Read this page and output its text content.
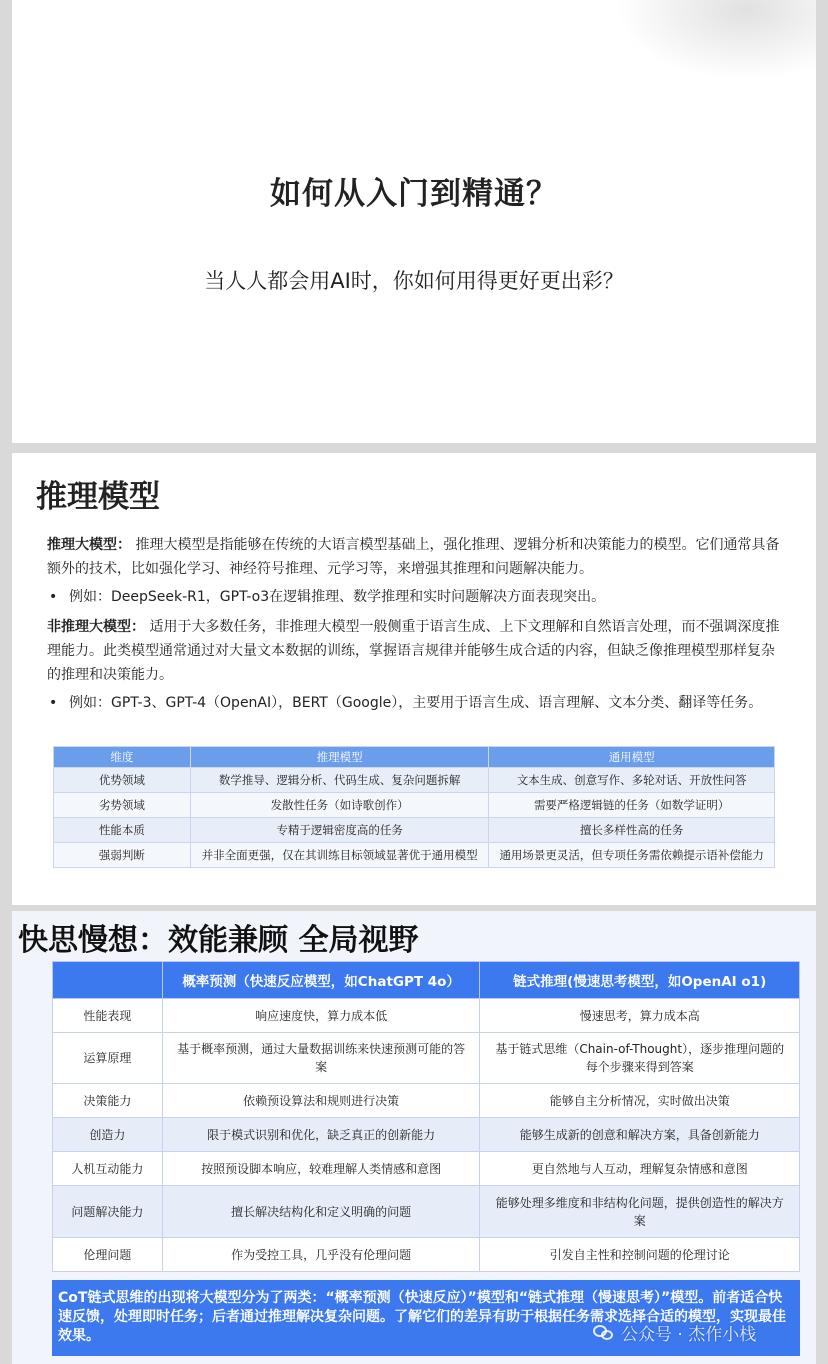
如何从入门到精通？
当人人都会用AI时，你如何用得更好更出彩？
推理模型
推理大模型： 推理大模型是指能够在传统的大语言模型基础上，强化推理、逻辑分析和决策能力的模型。它们通常具备额外的技术，比如强化学习、神经符号推理、元学习等，来增强其推理和问题解决能力。
• 例如：DeepSeek-R1，GPT-o3在逻辑推理、数学推理和实时问题解决方面表现突出。
非推理大模型： 适用于大多数任务，非推理大模型一般侧重于语言生成、上下文理解和自然语言处理，而不强调深度推理能力。此类模型通常通过对大量文本数据的训练，掌握语言规律并能够生成合适的内容，但缺乏像推理模型那样复杂的推理和决策能力。
• 例如：GPT-3、GPT-4（OpenAI），BERT（Google），主要用于语言生成、语言理解、文本分类、翻译等任务。
维度	推理模型	通用模型
优势领域	数学推导、逻辑分析、代码生成、复杂问题拆解	文本生成、创意写作、多轮对话、开放性问答
劣势领域	发散性任务（如诗歌创作）	需要严格逻辑链的任务（如数学证明）
性能本质	专精于逻辑密度高的任务	擅长多样性高的任务
强弱判断	并非全面更强，仅在其训练目标领域显著优于通用模型	通用场景更灵活，但专项任务需依赖提示语补偿能力
快思慢想：效能兼顾 全局视野
	概率预测（快速反应模型，如ChatGPT 4o）	链式推理(慢速思考模型，如OpenAI o1)
性能表现	响应速度快，算力成本低	慢速思考，算力成本高
运算原理	基于概率预测，通过大量数据训练来快速预测可能的答案	基于链式思维（Chain-of-Thought），逐步推理问题的每个步骤来得到答案
决策能力	依赖预设算法和规则进行决策	能够自主分析情况，实时做出决策
创造力	限于模式识别和优化，缺乏真正的创新能力	能够生成新的创意和解决方案，具备创新能力
人机互动能力	按照预设脚本响应，较难理解人类情感和意图	更自然地与人互动，理解复杂情感和意图
问题解决能力	擅长解决结构化和定义明确的问题	能够处理多维度和非结构化问题，提供创造性的解决方案
伦理问题	作为受控工具，几乎没有伦理问题	引发自主性和控制问题的伦理讨论
CoT链式思维的出现将大模型分为了两类：“概率预测（快速反应）”模型和“链式推理（慢速思考）”模型。前者适合快速反馈，处理即时任务；后者通过推理解决复杂问题。了解它们的差异有助于根据任务需求选择合适的模型，实现最佳效果。	公众号 · 杰作小栈
